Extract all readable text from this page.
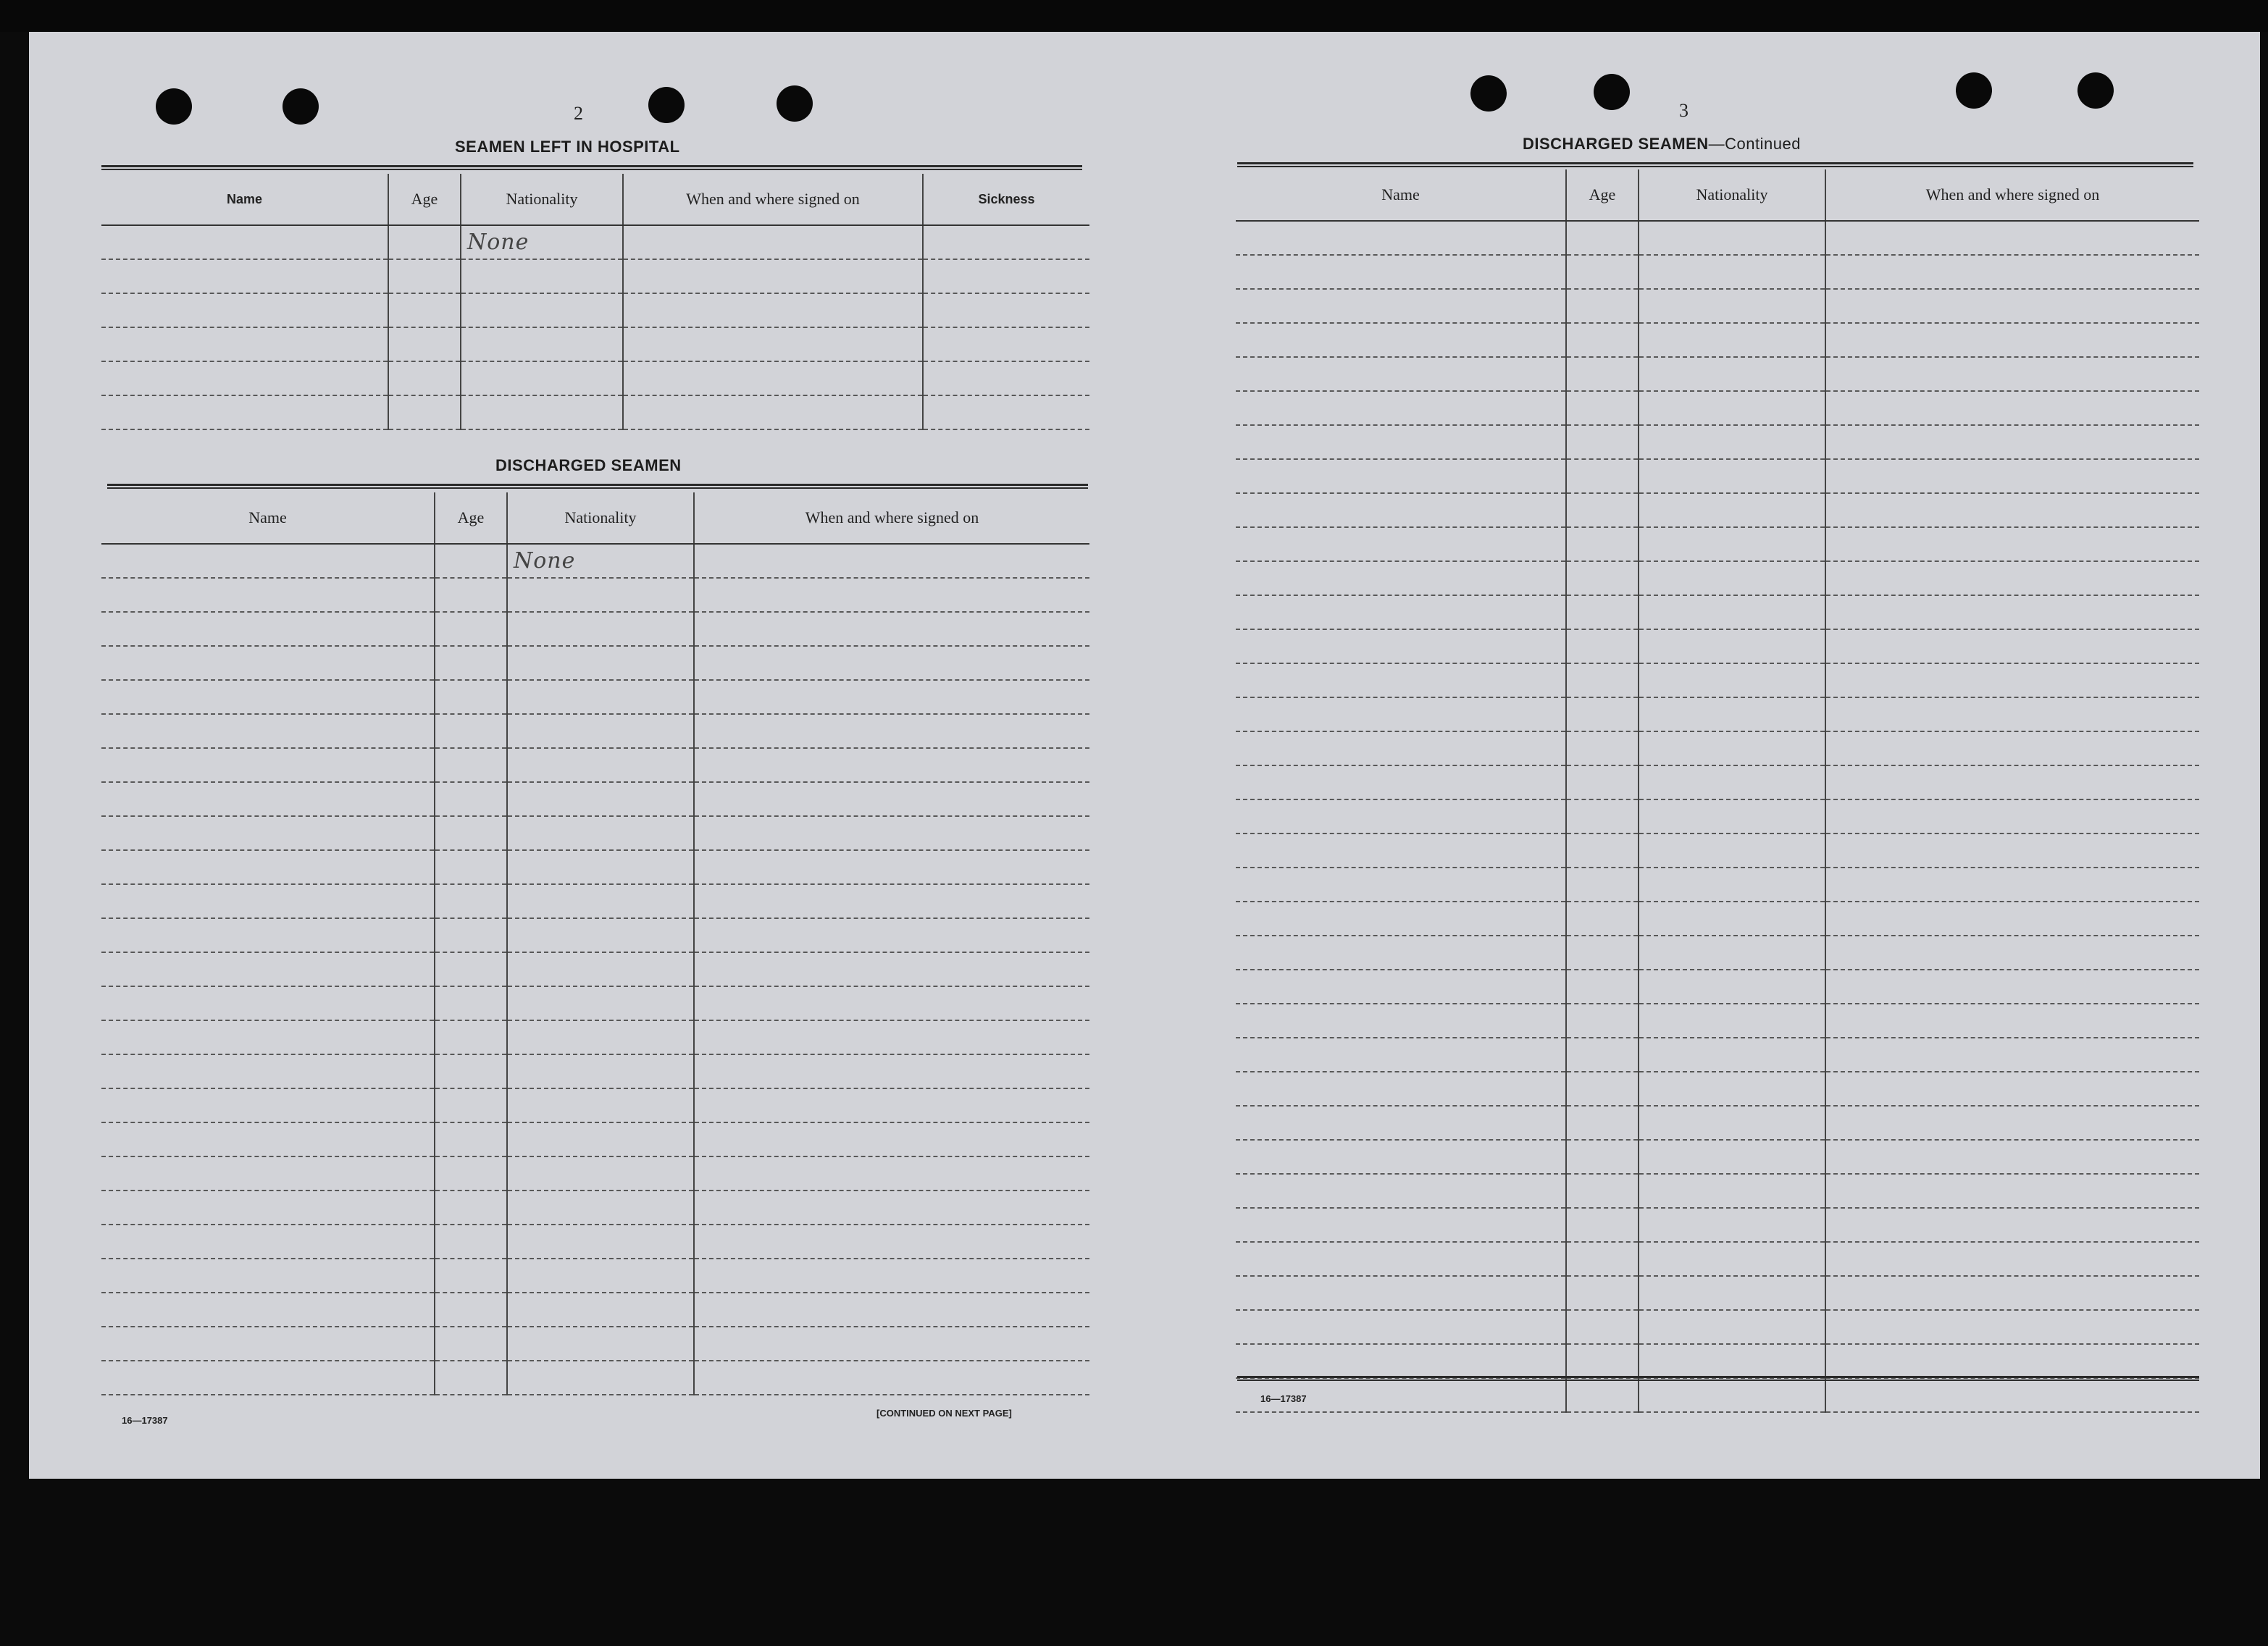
2
SEAMEN LEFT IN HOSPITAL
Name	Age	Nationality	When and where signed on	Sickness
		None		

DISCHARGED SEAMEN
Name	Age	Nationality	When and where signed on
		None	

16—17387
[CONTINUED ON NEXT PAGE]
3
DISCHARGED SEAMEN—Continued
Name	Age	Nationality	When and where signed on

16—17387
